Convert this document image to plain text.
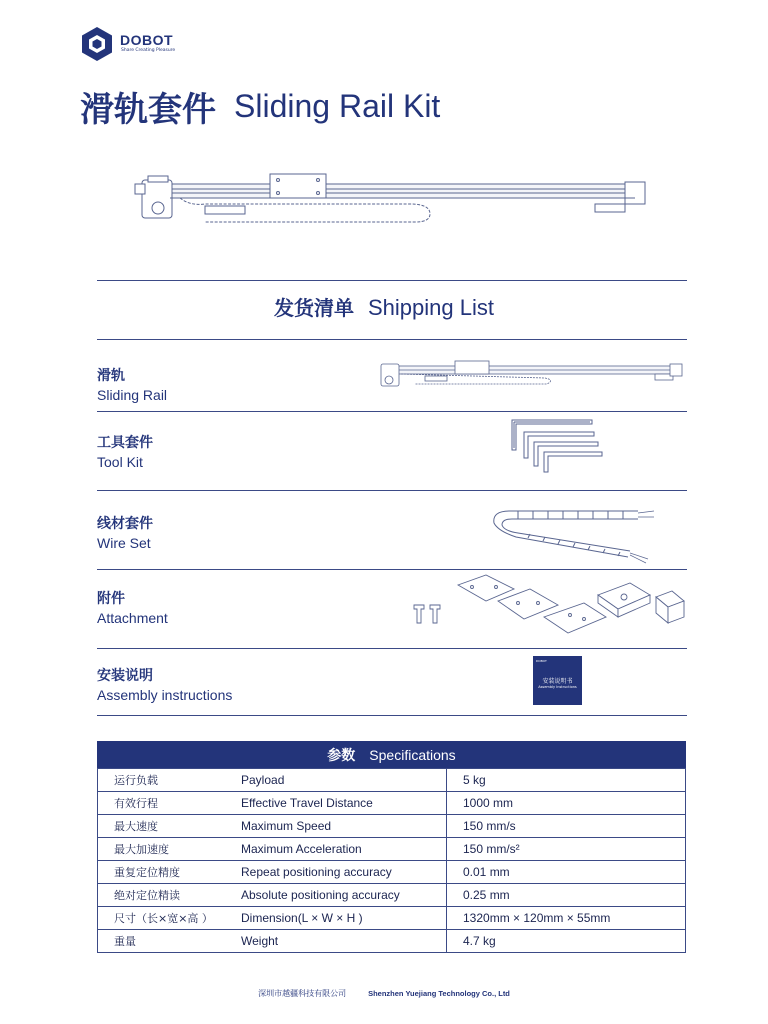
DOBOT
Share Creating Pleasure
滑轨套件 Sliding Rail Kit
发货清单 Shipping List
滑轨
Sliding Rail
工具套件
Tool Kit
线材套件
Wire Set
附件
Attachment
安装说明
Assembly instructions
DOBOT
安装说明书
Assembly Instructions
参数 Specifications
运行负载	Payload	5 kg
有效行程	Effective Travel Distance	1000 mm
最大速度	Maximum Speed	150 mm/s
最大加速度	Maximum Acceleration	150 mm/s²
重复定位精度	Repeat positioning accuracy	0.01 mm
绝对定位精读	Absolute positioning accuracy	0.25 mm
尺寸（长×宽×高 ）	Dimension(L × W × H )	1320mm × 120mm × 55mm
重量	Weight	4.7 kg
深圳市越疆科技有限公司	Shenzhen Yuejiang Technology Co., Ltd
